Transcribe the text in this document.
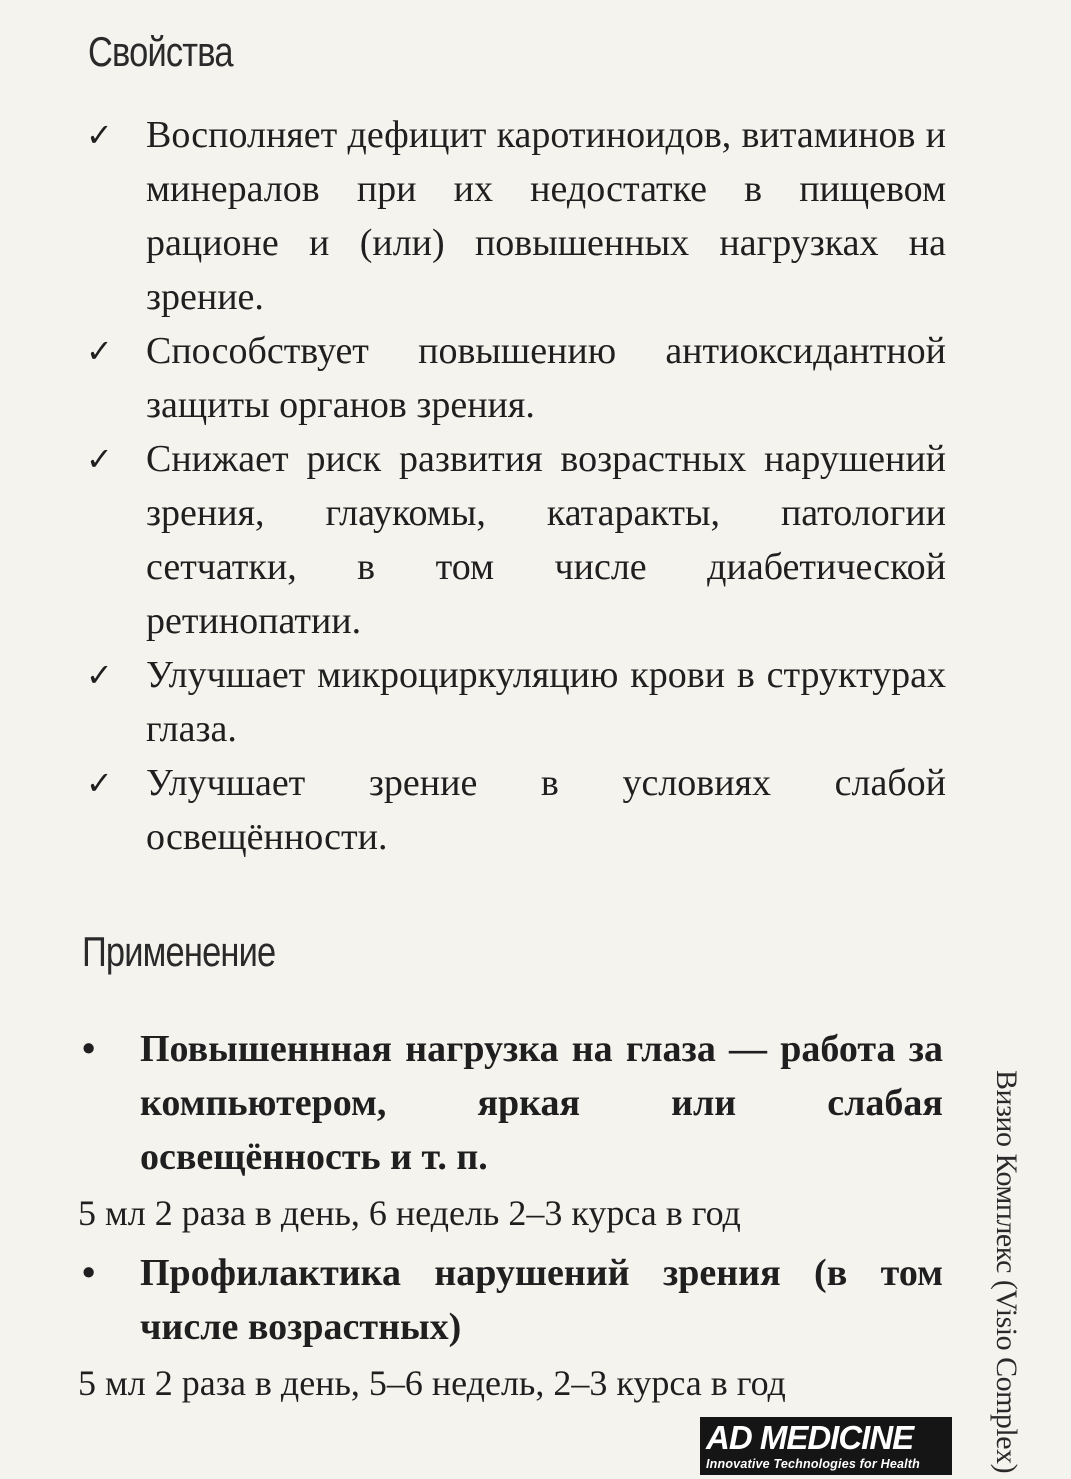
Свойства
✓ Восполняет дефицит каротиноидов, витаминов и минералов при их недостатке в пищевом рационе и (или) повышенных нагрузках на зрение.
✓ Способствует повышению антиоксидантной защиты органов зрения.
✓ Снижает риск развития возрастных нарушений зрения, глаукомы, катаракты, патологии сетчатки, в том числе диабетической ретинопатии.
✓ Улучшает микроциркуляцию крови в структурах глаза.
✓ Улучшает зрение в условиях слабой освещённости.
Применение
• Повышеннная нагрузка на глаза — работа за компьютером, яркая или слабая освещённость и т. п.
5 мл 2 раза в день, 6 недель 2–3 курса в год
• Профилактика нарушений зрения (в том числе возрастных)
5 мл 2 раза в день, 5–6 недель, 2–3 курса в год	Визио Комплекс (Visio Complex)
AD MEDICINE
Innovative Technologies for Health
